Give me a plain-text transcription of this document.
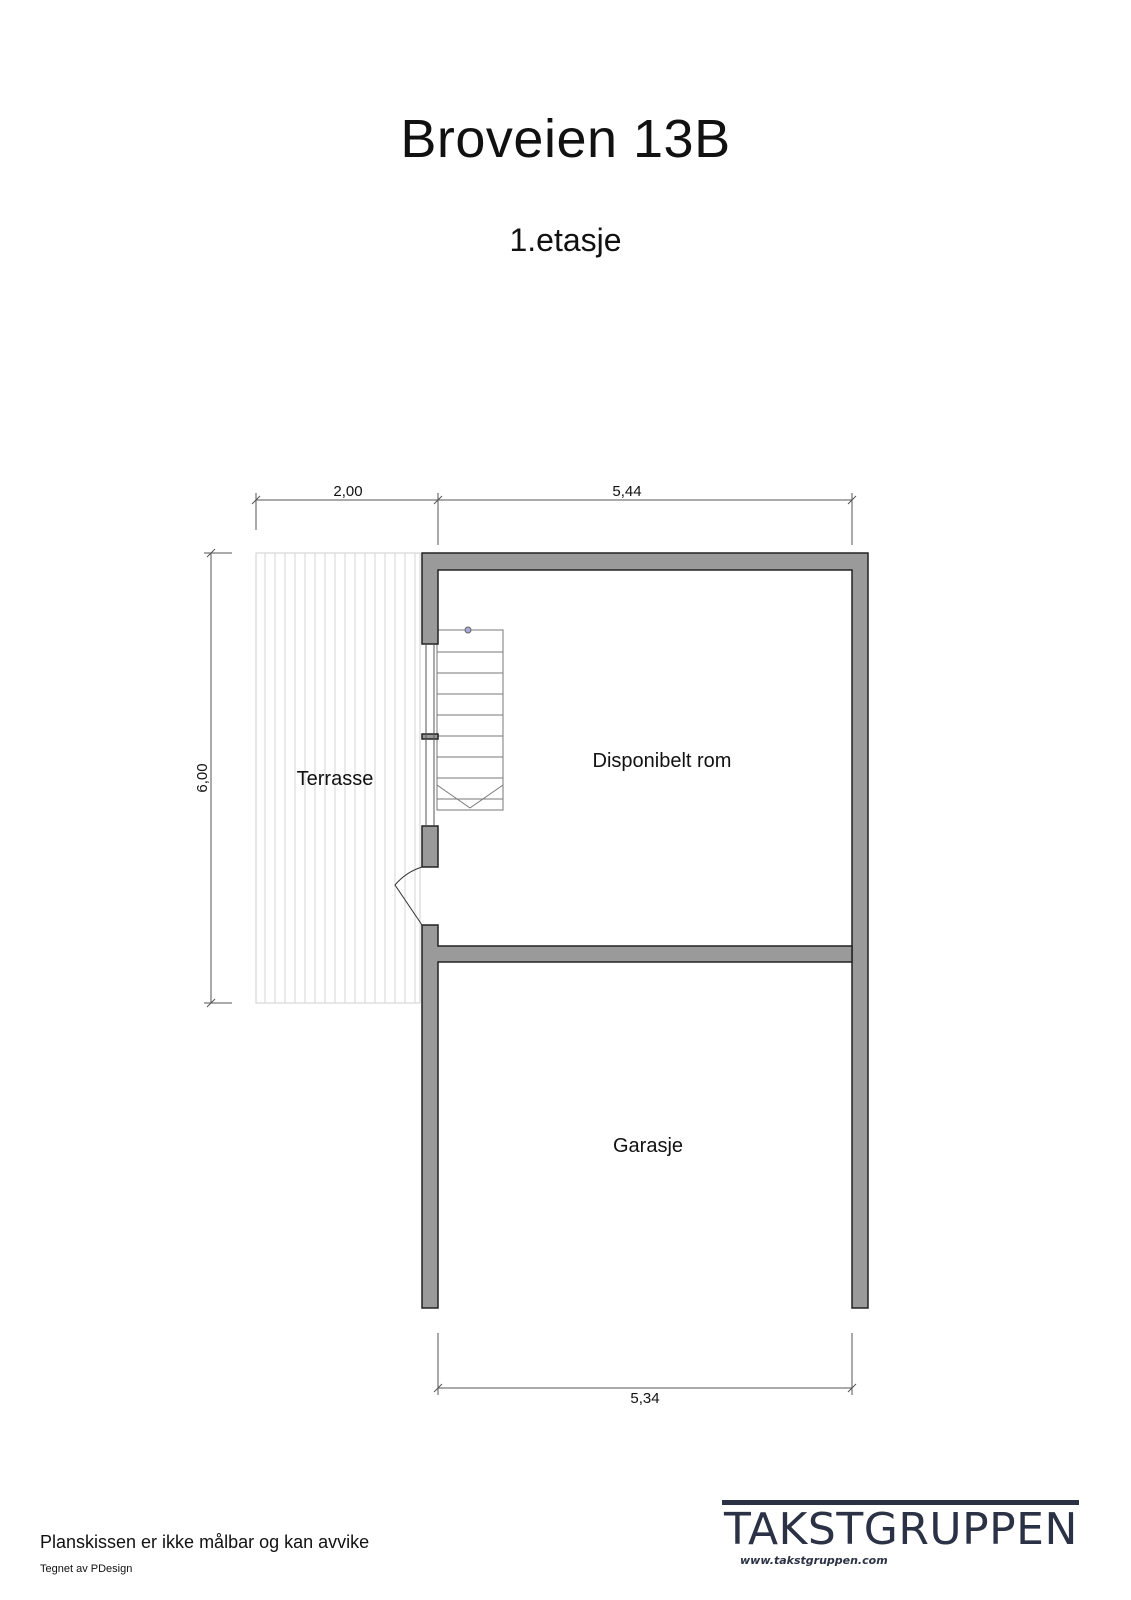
Broveien 13B
1.etasje
2,00	5,44
6,00
5,34
Terrasse
Disponibelt rom
Garasje
Planskissen er ikke målbar og kan avvike
Tegnet av PDesign
TAKSTGRUPPEN
www.takstgruppen.com
